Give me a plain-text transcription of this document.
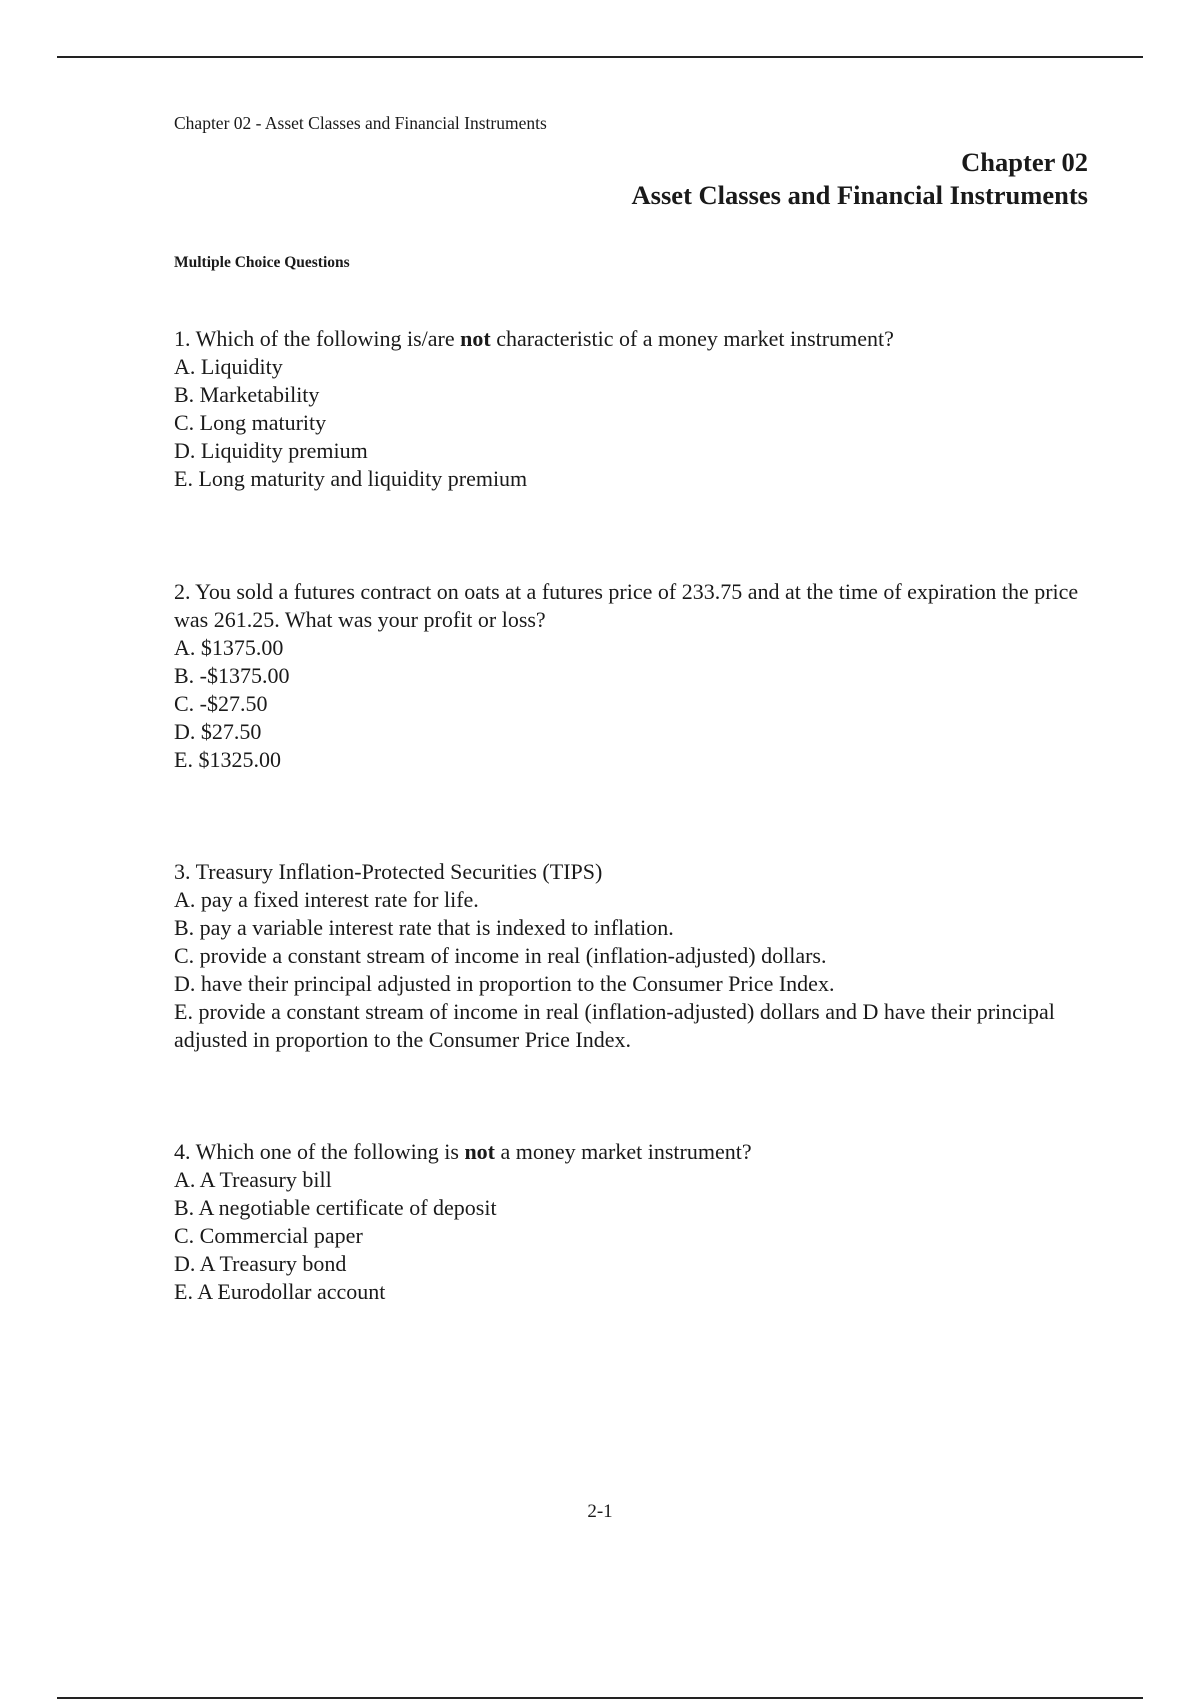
Chapter 02 - Asset Classes and Financial Instruments
Chapter 02
Asset Classes and Financial Instruments
Multiple Choice Questions

1. Which of the following is/are not characteristic of a money market instrument?

A. Liquidity

B. Marketability

C. Long maturity

D. Liquidity premium

E. Long maturity and liquidity premium

2. You sold a futures contract on oats at a futures price of 233.75 and at the time of expiration the price was 261.25. What was your profit or loss?

A. $1375.00

B. -$1375.00

C. -$27.50

D. $27.50

E. $1325.00

3. Treasury Inflation-Protected Securities (TIPS)

A. pay a fixed interest rate for life.

B. pay a variable interest rate that is indexed to inflation.

C. provide a constant stream of income in real (inflation-adjusted) dollars.

D. have their principal adjusted in proportion to the Consumer Price Index.

E. provide a constant stream of income in real (inflation-adjusted) dollars and D have their principal adjusted in proportion to the Consumer Price Index.

4. Which one of the following is not a money market instrument?

A. A Treasury bill

B. A negotiable certificate of deposit

C. Commercial paper

D. A Treasury bond

E. A Eurodollar account

2-1
